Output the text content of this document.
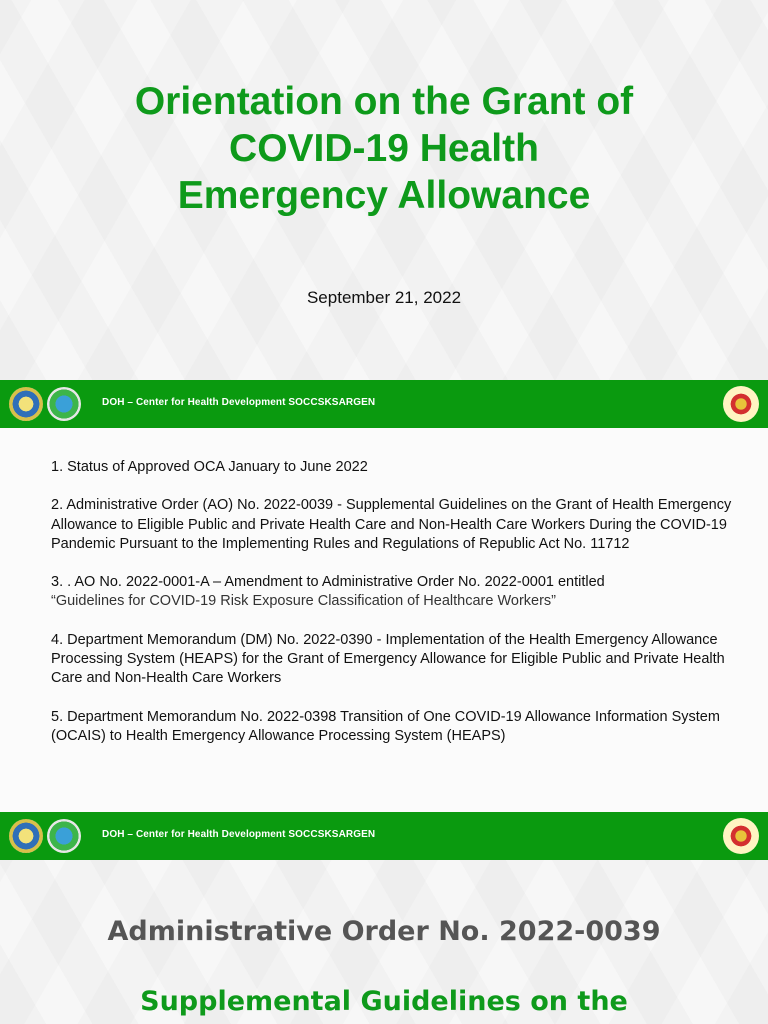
Orientation on the Grant of
COVID-19 Health
Emergency Allowance
September 21, 2022
DOH – Center for Health Development SOCCSKSARGEN
1. Status of Approved OCA January to June 2022
2. Administrative Order (AO) No. 2022-0039 - Supplemental Guidelines on the Grant of Health Emergency Allowance to Eligible Public and Private Health Care and Non-Health Care Workers During the COVID-19 Pandemic Pursuant to the Implementing Rules and Regulations of Republic Act No. 11712
3. . AO No. 2022-0001-A – Amendment to Administrative Order No. 2022-0001 entitled
“Guidelines for COVID-19 Risk Exposure Classification of Healthcare Workers”
4. Department Memorandum (DM) No. 2022-0390 - Implementation of the Health Emergency Allowance Processing System (HEAPS) for the Grant of Emergency Allowance for Eligible Public and Private Health Care and Non-Health Care Workers
5. Department Memorandum No. 2022-0398 Transition of One COVID-19 Allowance Information System (OCAIS) to Health Emergency Allowance Processing System (HEAPS)
DOH – Center for Health Development SOCCSKSARGEN
Administrative Order No. 2022-0039
Supplemental Guidelines on the
